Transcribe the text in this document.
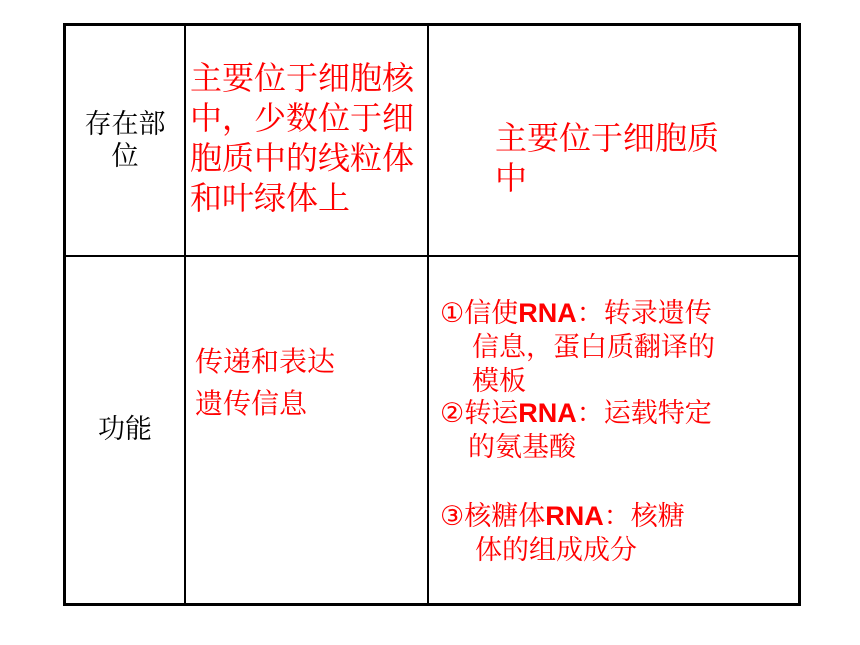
存在部
位
主要位于细胞核
中，少数位于细
胞质中的线粒体
和叶绿体上
主要位于细胞质
中
功能
传递和表达
遗传信息
①信使RNA：转录遗传
信息，蛋白质翻译的
模板
②转运RNA：运载特定
的氨基酸
③核糖体RNA：核糖
体的组成成分
